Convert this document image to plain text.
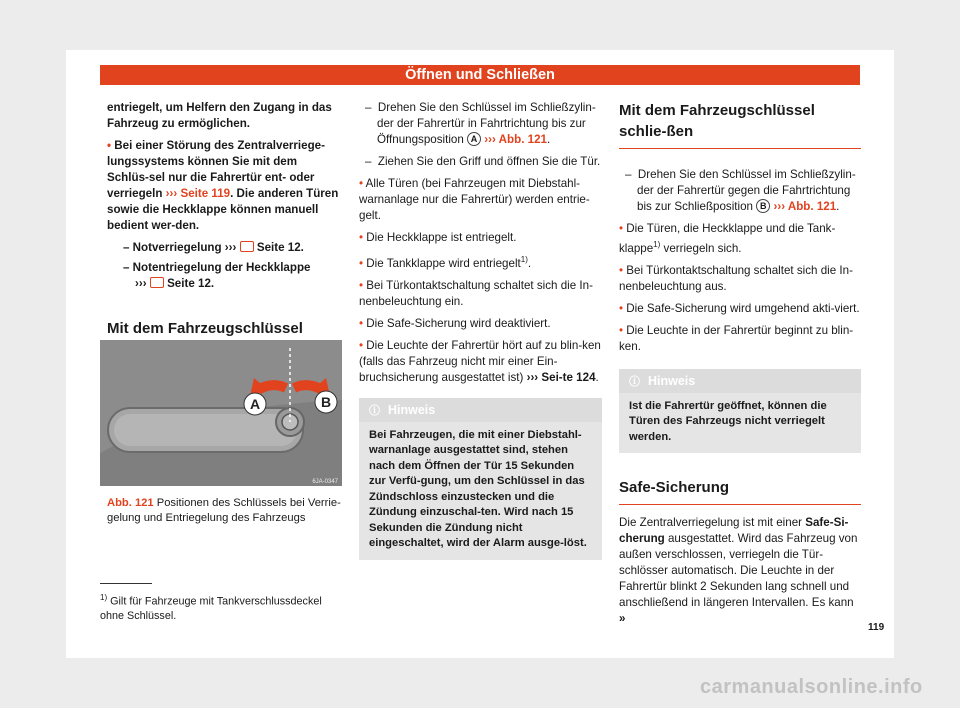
Öffnen und Schließen

entriegelt, um Helfern den Zugang in das Fahrzeug zu ermöglichen.

• Bei einer Störung des Zentralverriege-lungssystems können Sie mit dem Schlüs-sel nur die Fahrertür ent- oder verriegeln ››› Seite 119. Die anderen Türen sowie die Heckklappe können manuell bedient wer-den.

– Notverriegelung ››› Seite 12.
– Notentriegelung der Heckklappe
››› Seite 12.
Mit dem Fahrzeugschlüssel
A	B
6JA-0347
Abb. 121 Positionen des Schlüssels bei Verrie-gelung und Entriegelung des Fahrzeugs
$^{1)}$ Gilt für Fahrzeuge mit Tankverschlussdeckel ohne Schlüssel.

–  Drehen Sie den Schlüssel im Schließzylin-der der Fahrertür in Fahrtrichtung bis zur Öffnungsposition A ››› Abb. 121.

–  Ziehen Sie den Griff und öffnen Sie die Tür.

• Alle Türen (bei Fahrzeugen mit Diebstahl-warnanlage nur die Fahrertür) werden entrie-gelt.

• Die Heckklappe ist entriegelt.

• Die Tankklappe wird entriegelt$^{1)}$.

• Bei Türkontaktschaltung schaltet sich die In-nenbeleuchtung ein.

• Die Safe-Sicherung wird deaktiviert.

• Die Leuchte der Fahrertür hört auf zu blin-ken (falls das Fahrzeug nicht mir einer Ein-bruchsicherung ausgestattet ist) ››› Sei-te 124.

ⓘ Hinweis
Bei Fahrzeugen, die mit einer Diebstahl-warnanlage ausgestattet sind, stehen nach dem Öffnen der Tür 15 Sekunden zur Verfü-gung, um den Schlüssel in das Zündschloss einzustecken und die Zündung einzuschal-ten. Wird nach 15 Sekunden die Zündung nicht eingeschaltet, wird der Alarm ausge-löst.
Mit dem Fahrzeugschlüssel schlie-ßen

–  Drehen Sie den Schlüssel im Schließzylin-der der Fahrertür gegen die Fahrtrichtung bis zur Schließposition B ››› Abb. 121.

• Die Türen, die Heckklappe und die Tank-klappe$^{1)}$ verriegeln sich.

• Bei Türkontaktschaltung schaltet sich die In-nenbeleuchtung aus.

• Die Safe-Sicherung wird umgehend akti-viert.

• Die Leuchte in der Fahrertür beginnt zu blin-ken.

ⓘ Hinweis
Ist die Fahrertür geöffnet, können die Türen des Fahrzeugs nicht verriegelt werden.
Safe-Sicherung

Die Zentralverriegelung ist mit einer Safe-Si-cherung ausgestattet. Wird das Fahrzeug von außen verschlossen, verriegeln die Tür-schlösser automatisch. Die Leuchte in der Fahrertür blinkt 2 Sekunden lang schnell und anschließend in längeren Intervallen. Es kann »

119
carmanualsonline.info
